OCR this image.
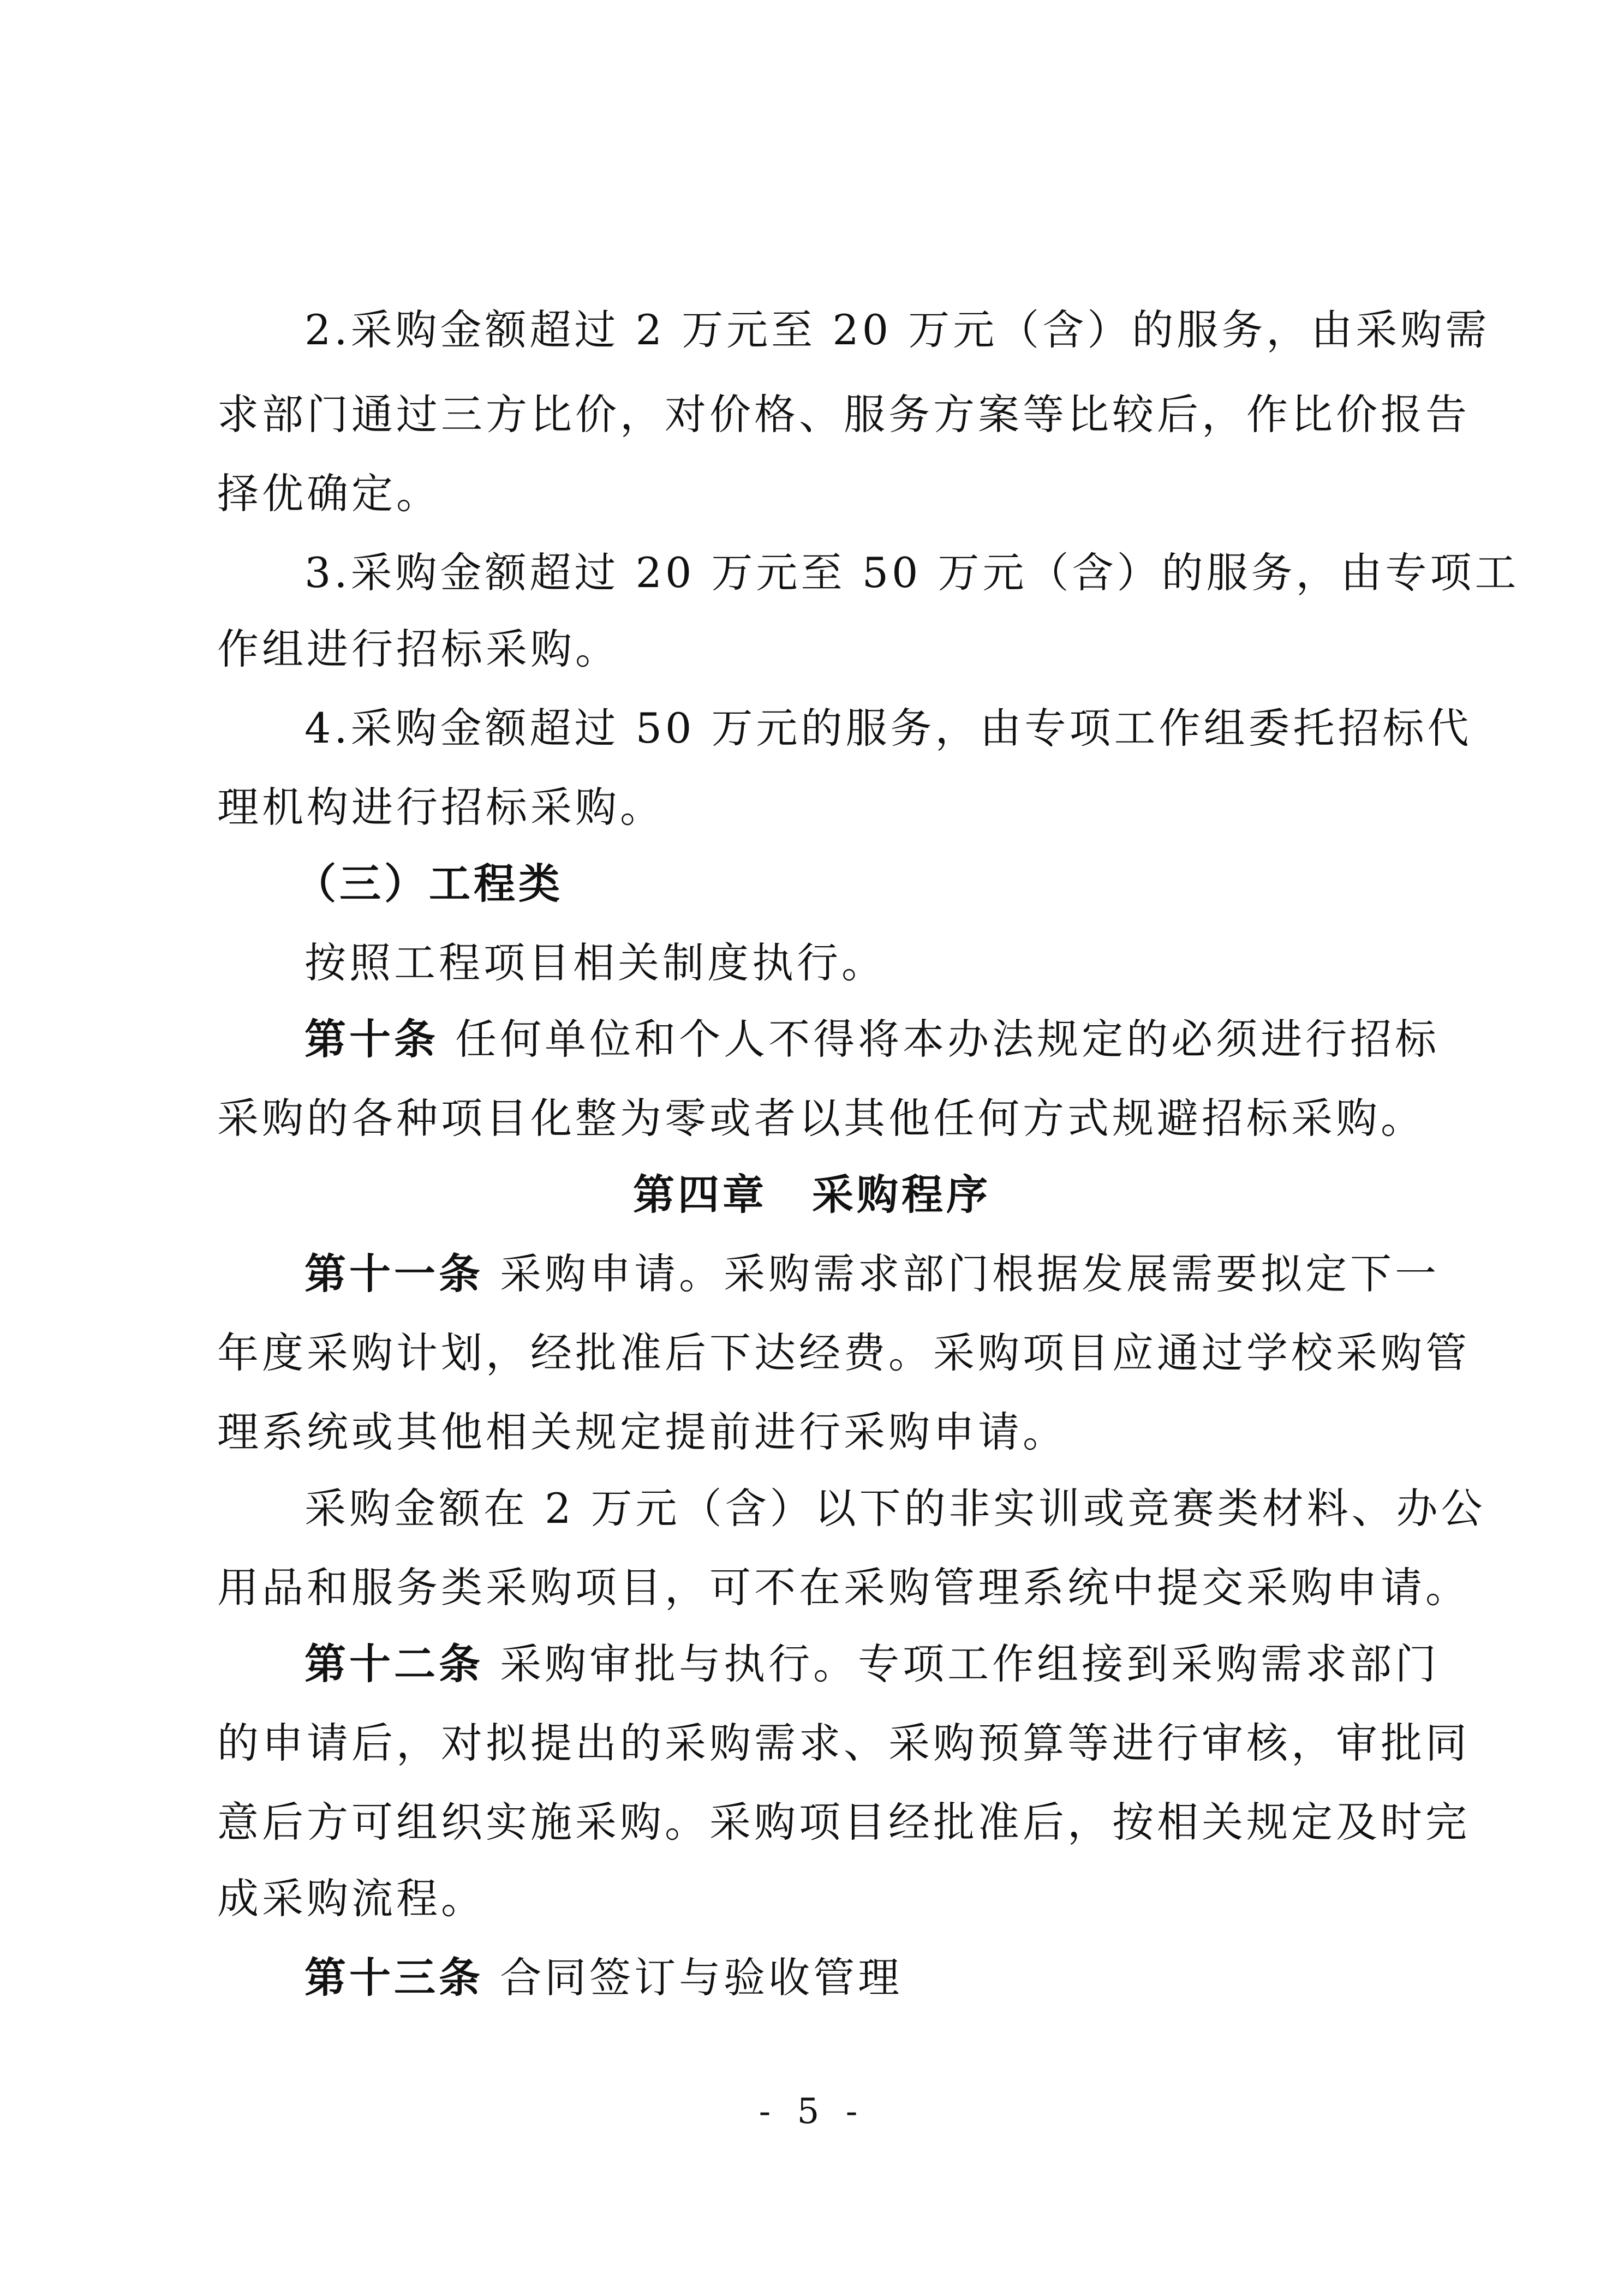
2.采购金额超过 2 万元至 20 万元（含）的服务，由采购需
求部门通过三方比价，对价格、服务方案等比较后，作比价报告
择优确定。
3.采购金额超过 20 万元至 50 万元（含）的服务，由专项工
作组进行招标采购。
4.采购金额超过 50 万元的服务，由专项工作组委托招标代
理机构进行招标采购。
（三）工程类
按照工程项目相关制度执行。
第十条 任何单位和个人不得将本办法规定的必须进行招标
采购的各种项目化整为零或者以其他任何方式规避招标采购。
第四章　采购程序
第十一条 采购申请。采购需求部门根据发展需要拟定下一
年度采购计划，经批准后下达经费。采购项目应通过学校采购管
理系统或其他相关规定提前进行采购申请。
采购金额在 2 万元（含）以下的非实训或竞赛类材料、办公
用品和服务类采购项目，可不在采购管理系统中提交采购申请。
第十二条 采购审批与执行。专项工作组接到采购需求部门
的申请后，对拟提出的采购需求、采购预算等进行审核，审批同
意后方可组织实施采购。采购项目经批准后，按相关规定及时完
成采购流程。
第十三条 合同签订与验收管理
- 5 -
